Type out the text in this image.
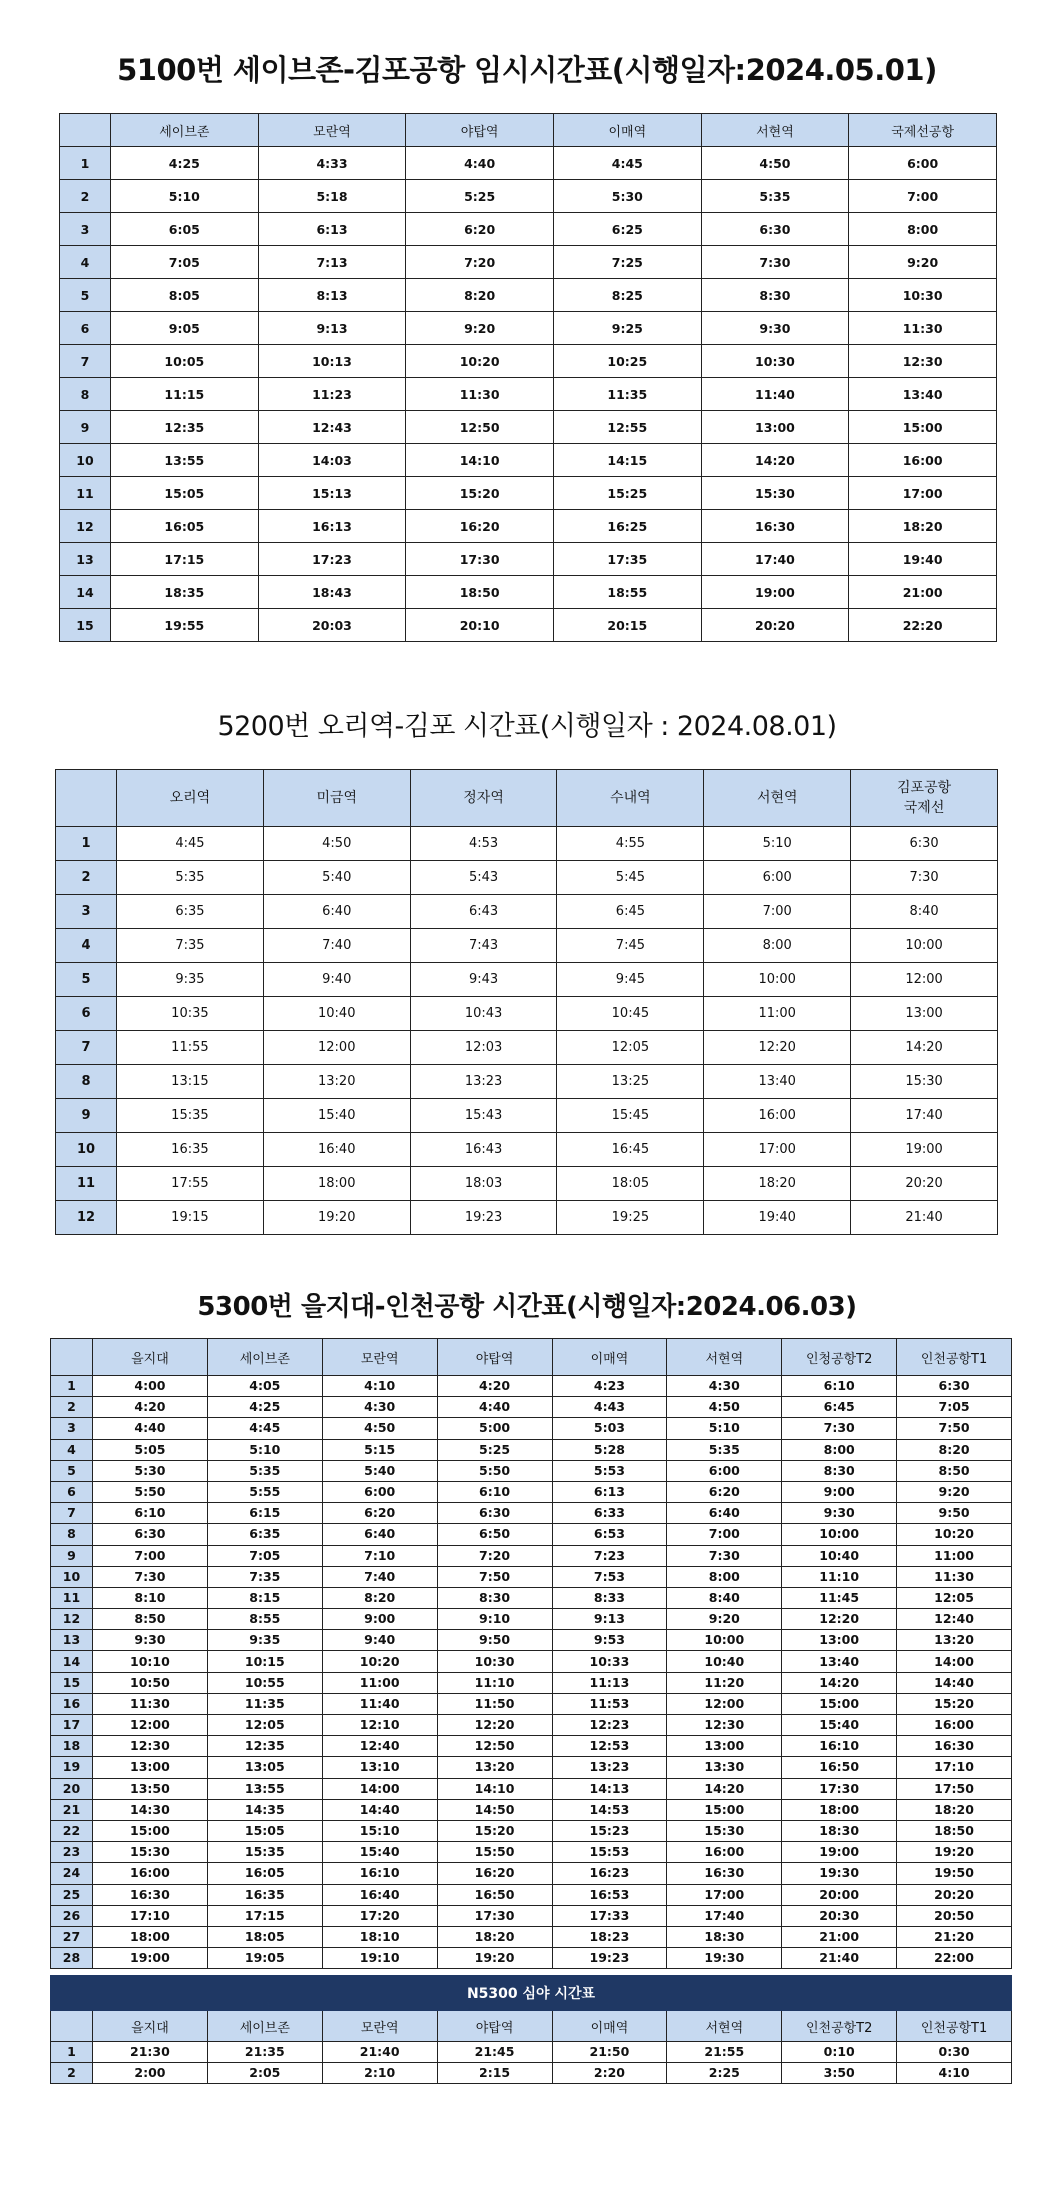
5100번 세이브존-김포공항 임시시간표(시행일자:2024.05.01)
	세이브존	모란역	야탑역	이매역	서현역	국제선공항
1	4:25	4:33	4:40	4:45	4:50	6:00
2	5:10	5:18	5:25	5:30	5:35	7:00
3	6:05	6:13	6:20	6:25	6:30	8:00
4	7:05	7:13	7:20	7:25	7:30	9:20
5	8:05	8:13	8:20	8:25	8:30	10:30
6	9:05	9:13	9:20	9:25	9:30	11:30
7	10:05	10:13	10:20	10:25	10:30	12:30
8	11:15	11:23	11:30	11:35	11:40	13:40
9	12:35	12:43	12:50	12:55	13:00	15:00
10	13:55	14:03	14:10	14:15	14:20	16:00
11	15:05	15:13	15:20	15:25	15:30	17:00
12	16:05	16:13	16:20	16:25	16:30	18:20
13	17:15	17:23	17:30	17:35	17:40	19:40
14	18:35	18:43	18:50	18:55	19:00	21:00
15	19:55	20:03	20:10	20:15	20:20	22:20
5200번 오리역-김포 시간표(시행일자 : 2024.08.01)
	오리역	미금역	정자역	수내역	서현역	김포공항
국제선
1	4:45	4:50	4:53	4:55	5:10	6:30
2	5:35	5:40	5:43	5:45	6:00	7:30
3	6:35	6:40	6:43	6:45	7:00	8:40
4	7:35	7:40	7:43	7:45	8:00	10:00
5	9:35	9:40	9:43	9:45	10:00	12:00
6	10:35	10:40	10:43	10:45	11:00	13:00
7	11:55	12:00	12:03	12:05	12:20	14:20
8	13:15	13:20	13:23	13:25	13:40	15:30
9	15:35	15:40	15:43	15:45	16:00	17:40
10	16:35	16:40	16:43	16:45	17:00	19:00
11	17:55	18:00	18:03	18:05	18:20	20:20
12	19:15	19:20	19:23	19:25	19:40	21:40
5300번 을지대-인천공항 시간표(시행일자:2024.06.03)
	을지대	세이브존	모란역	야탑역	이매역	서현역	인청공항T2	인천공항T1
1	4:00	4:05	4:10	4:20	4:23	4:30	6:10	6:30
2	4:20	4:25	4:30	4:40	4:43	4:50	6:45	7:05
3	4:40	4:45	4:50	5:00	5:03	5:10	7:30	7:50
4	5:05	5:10	5:15	5:25	5:28	5:35	8:00	8:20
5	5:30	5:35	5:40	5:50	5:53	6:00	8:30	8:50
6	5:50	5:55	6:00	6:10	6:13	6:20	9:00	9:20
7	6:10	6:15	6:20	6:30	6:33	6:40	9:30	9:50
8	6:30	6:35	6:40	6:50	6:53	7:00	10:00	10:20
9	7:00	7:05	7:10	7:20	7:23	7:30	10:40	11:00
10	7:30	7:35	7:40	7:50	7:53	8:00	11:10	11:30
11	8:10	8:15	8:20	8:30	8:33	8:40	11:45	12:05
12	8:50	8:55	9:00	9:10	9:13	9:20	12:20	12:40
13	9:30	9:35	9:40	9:50	9:53	10:00	13:00	13:20
14	10:10	10:15	10:20	10:30	10:33	10:40	13:40	14:00
15	10:50	10:55	11:00	11:10	11:13	11:20	14:20	14:40
16	11:30	11:35	11:40	11:50	11:53	12:00	15:00	15:20
17	12:00	12:05	12:10	12:20	12:23	12:30	15:40	16:00
18	12:30	12:35	12:40	12:50	12:53	13:00	16:10	16:30
19	13:00	13:05	13:10	13:20	13:23	13:30	16:50	17:10
20	13:50	13:55	14:00	14:10	14:13	14:20	17:30	17:50
21	14:30	14:35	14:40	14:50	14:53	15:00	18:00	18:20
22	15:00	15:05	15:10	15:20	15:23	15:30	18:30	18:50
23	15:30	15:35	15:40	15:50	15:53	16:00	19:00	19:20
24	16:00	16:05	16:10	16:20	16:23	16:30	19:30	19:50
25	16:30	16:35	16:40	16:50	16:53	17:00	20:00	20:20
26	17:10	17:15	17:20	17:30	17:33	17:40	20:30	20:50
27	18:00	18:05	18:10	18:20	18:23	18:30	21:00	21:20
28	19:00	19:05	19:10	19:20	19:23	19:30	21:40	22:00
N5300 심야 시간표								
	을지대	세이브존	모란역	야탑역	이매역	서현역	인천공항T2	인천공항T1
1	21:30	21:35	21:40	21:45	21:50	21:55	0:10	0:30
2	2:00	2:05	2:10	2:15	2:20	2:25	3:50	4:10
